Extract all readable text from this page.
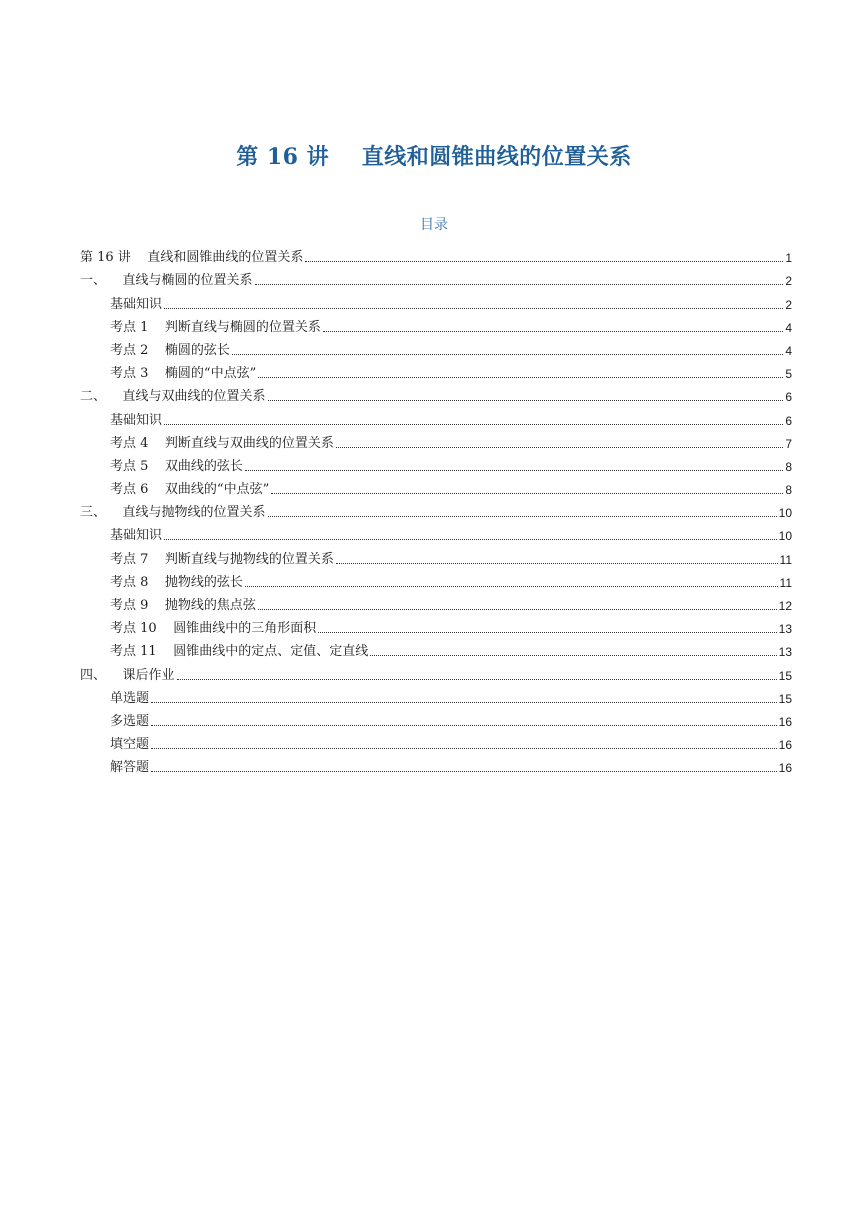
第 16 讲    直线和圆锥曲线的位置关系
目录
第 16 讲    直线和圆锥曲线的位置关系	1
一、    直线与椭圆的位置关系	2
基础知识	2
考点 1    判断直线与椭圆的位置关系	4
考点 2    椭圆的弦长	4
考点 3    椭圆的“中点弦”	5
二、    直线与双曲线的位置关系	6
基础知识	6
考点 4    判断直线与双曲线的位置关系	7
考点 5    双曲线的弦长	8
考点 6    双曲线的“中点弦”	8
三、    直线与抛物线的位置关系	10
基础知识	10
考点 7    判断直线与抛物线的位置关系	11
考点 8    抛物线的弦长	11
考点 9    抛物线的焦点弦	12
考点 10    圆锥曲线中的三角形面积	13
考点 11    圆锥曲线中的定点、定值、定直线	13
四、    课后作业	15
单选题	15
多选题	16
填空题	16
解答题	16
